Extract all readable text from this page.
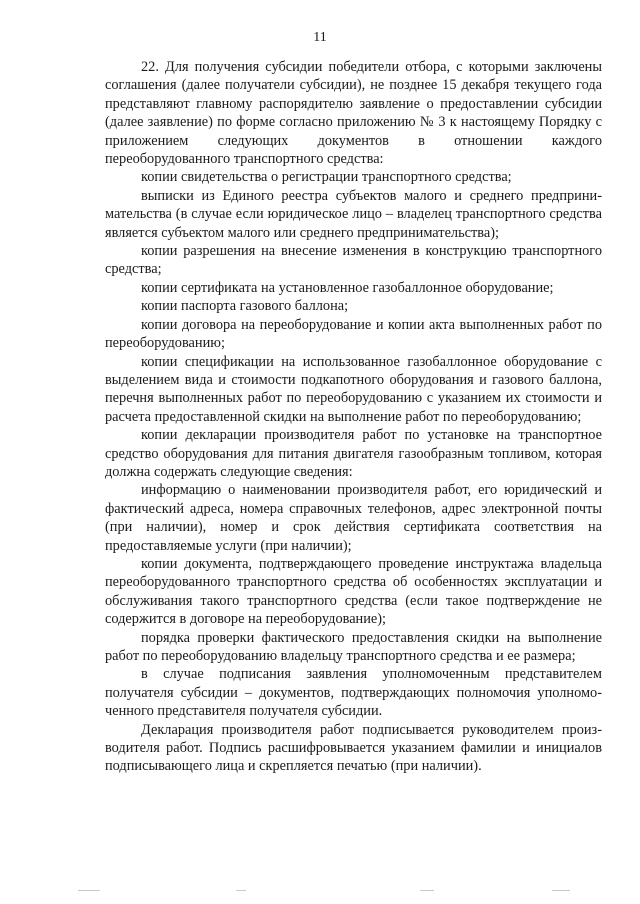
11

22. Для получения субсидии победители отбора, с которыми заключены соглашения (далее получатели субсидии), не позднее 15 декабря текущего года представляют главному распорядителю заявление о предоставлении субсидии (далее заявление) по форме согласно приложению № 3 к настоящему Порядку с приложением следующих документов в отношении каждого переоборудованного транспортного средства:

копии свидетельства о регистрации транспортного средства;

выписки из Единого реестра субъектов малого и среднего предпринимательства (в случае если юридическое лицо – владелец транспортного средства является субъектом малого или среднего предпринимательства);

копии разрешения на внесение изменения в конструкцию транспортного средства;

копии сертификата на установленное газобаллонное оборудование;

копии паспорта газового баллона;

копии договора на переоборудование и копии акта выполненных работ по переоборудованию;

копии спецификации на использованное газобаллонное оборудование с выделением вида и стоимости подкапотного оборудования и газового баллона, перечня выполненных работ по переоборудованию с указанием их стоимости и расчета предоставленной скидки на выполнение работ по переоборудованию;

копии декларации производителя работ по установке на транспортное средство оборудования для питания двигателя газообразным топливом, которая должна содержать следующие сведения:

информацию о наименовании производителя работ, его юридический и фактический адреса, номера справочных телефонов, адрес электронной почты (при наличии), номер и срок действия сертификата соответствия на предоставляемые услуги (при наличии);

копии документа, подтверждающего проведение инструктажа владельца переоборудованного транспортного средства об особенностях эксплуатации и обслуживания такого транспортного средства (если такое подтверждение не содержится в договоре на переоборудование);

порядка проверки фактического предоставления скидки на выполнение работ по переоборудованию владельцу транспортного средства и ее размера;

в случае подписания заявления уполномоченным представителем получателя субсидии – документов, подтверждающих полномочия уполномоченного представителя получателя субсидии.

Декларация производителя работ подписывается руководителем производителя работ. Подпись расшифровывается указанием фамилии и инициалов подписывающего лица и скрепляется печатью (при наличии).
